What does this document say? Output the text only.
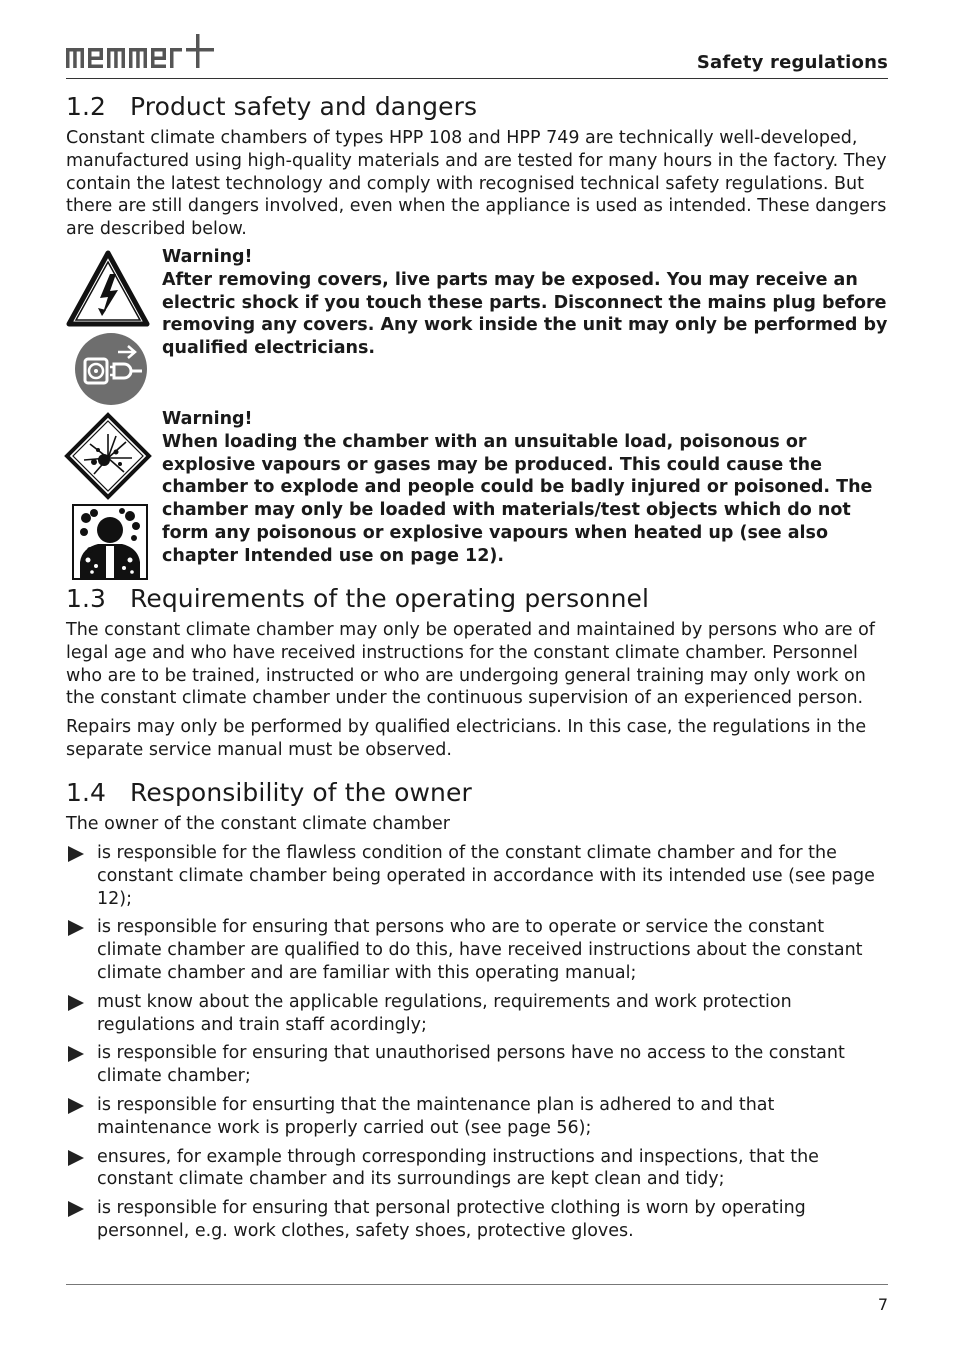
memmert
Safety regulations
1.2 Product safety and dangers

Constant climate chambers of types HPP 108 and HPP 749 are technically well-developed, manufactured using high-quality materials and are tested for many hours in the factory. They contain the latest technology and comply with recognised technical safety regulations. But there are still dangers involved, even when the appliance is used as intended. These dangers are described below.

Warning!
After removing covers, live parts may be exposed. You may receive an electric shock if you touch these parts. Disconnect the mains plug before removing any covers. Any work inside the unit may only be performed by qualified electricians.
Warning!
When loading the chamber with an unsuitable load, poisonous or explosive vapours or gases may be produced. This could cause the chamber to explode and people could be badly injured or poisoned. The chamber may only be loaded with materials/test objects which do not form any poisonous or explosive vapours when heated up (see also chapter Intended use on page 12).
1.3 Requirements of the operating personnel

The constant climate chamber may only be operated and maintained by persons who are of legal age and who have received instructions for the constant climate chamber. Personnel who are to be trained, instructed or who are undergoing general training may only work on the constant climate chamber under the continuous supervision of an experienced person.

Repairs may only be performed by qualified electricians. In this case, the regulations in the separate service manual must be observed.

1.4 Responsibility of the owner

The owner of the constant climate chamber

is responsible for the flawless condition of the constant climate chamber and for the constant climate chamber being operated in accordance with its intended use (see page 12);
is responsible for ensuring that persons who are to operate or service the constant climate chamber are qualified to do this, have received instructions about the constant climate chamber and are familiar with this operating manual;
must know about the applicable regulations, requirements and work protection regulations and train staff acordingly;
is responsible for ensuring that unauthorised persons have no access to the constant climate chamber;
is responsible for ensurting that the maintenance plan is adhered to and that maintenance work is properly carried out (see page 56);
ensures, for example through corresponding instructions and inspections, that the constant climate chamber and its surroundings are kept clean and tidy;
is responsible for ensuring that personal protective clothing is worn by operating personnel, e.g. work clothes, safety shoes, protective gloves.
7
